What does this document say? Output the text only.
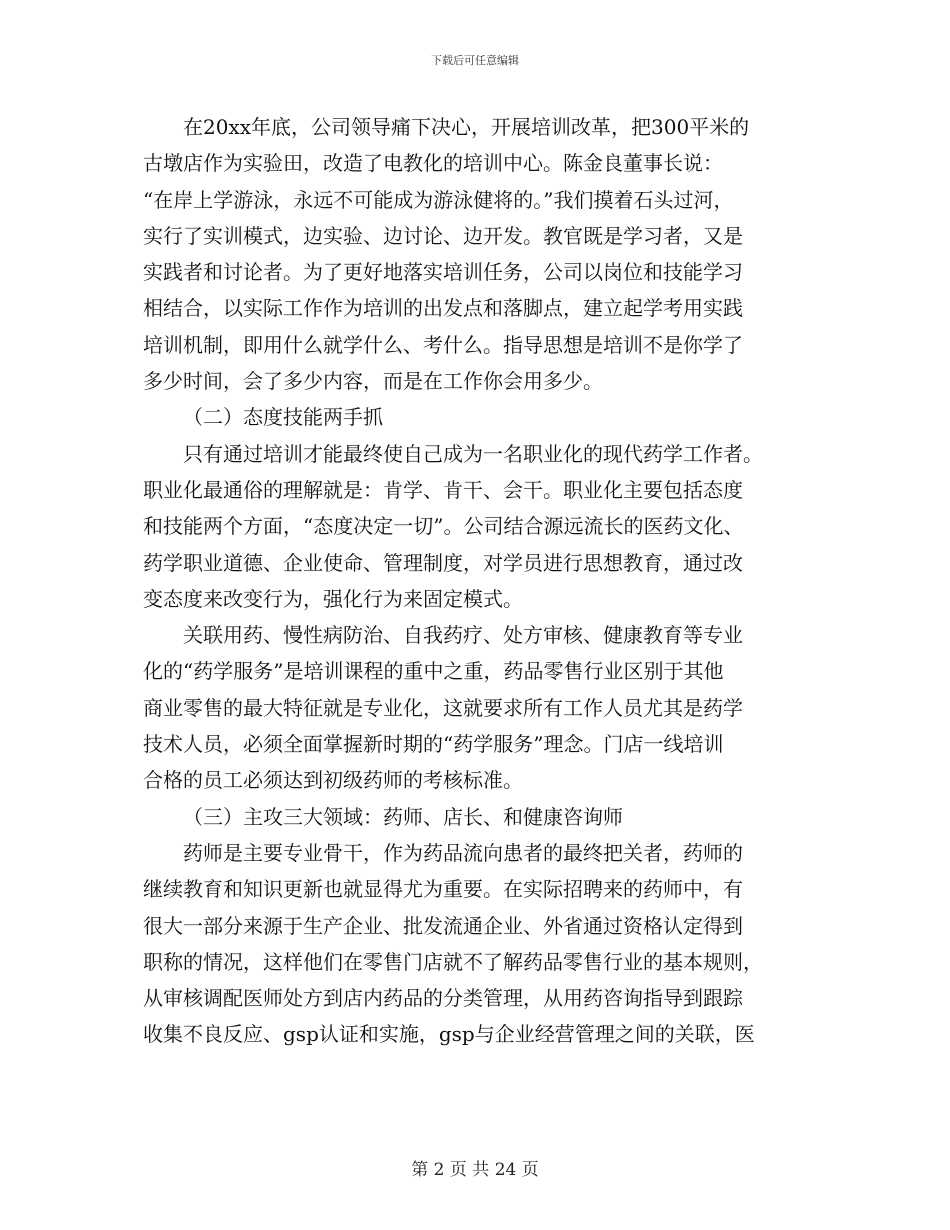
下载后可任意编辑
在20xx年底，公司领导痛下决心，开展培训改革，把300平米的
古墩店作为实验田，改造了电教化的培训中心。陈金良董事长说：
“在岸上学游泳，永远不可能成为游泳健将的。”我们摸着石头过河，
实行了实训模式，边实验、边讨论、边开发。教官既是学习者，又是
实践者和讨论者。为了更好地落实培训任务，公司以岗位和技能学习
相结合，以实际工作作为培训的出发点和落脚点，建立起学考用实践
培训机制，即用什么就学什么、考什么。指导思想是培训不是你学了
多少时间，会了多少内容，而是在工作你会用多少。
（二）态度技能两手抓
只有通过培训才能最终使自己成为一名职业化的现代药学工作者。
职业化最通俗的理解就是：肯学、肯干、会干。职业化主要包括态度
和技能两个方面，“态度决定一切”。公司结合源远流长的医药文化、
药学职业道德、企业使命、管理制度，对学员进行思想教育，通过改
变态度来改变行为，强化行为来固定模式。
关联用药、慢性病防治、自我药疗、处方审核、健康教育等专业
化的“药学服务”是培训课程的重中之重，药品零售行业区别于其他
商业零售的最大特征就是专业化，这就要求所有工作人员尤其是药学
技术人员，必须全面掌握新时期的“药学服务”理念。门店一线培训
合格的员工必须达到初级药师的考核标准。
（三）主攻三大领域：药师、店长、和健康咨询师
药师是主要专业骨干，作为药品流向患者的最终把关者，药师的
继续教育和知识更新也就显得尤为重要。在实际招聘来的药师中，有
很大一部分来源于生产企业、批发流通企业、外省通过资格认定得到
职称的情况，这样他们在零售门店就不了解药品零售行业的基本规则，
从审核调配医师处方到店内药品的分类管理，从用药咨询指导到跟踪
收集不良反应、gsp认证和实施，gsp与企业经营管理之间的关联，医
第 2 页 共 24 页
